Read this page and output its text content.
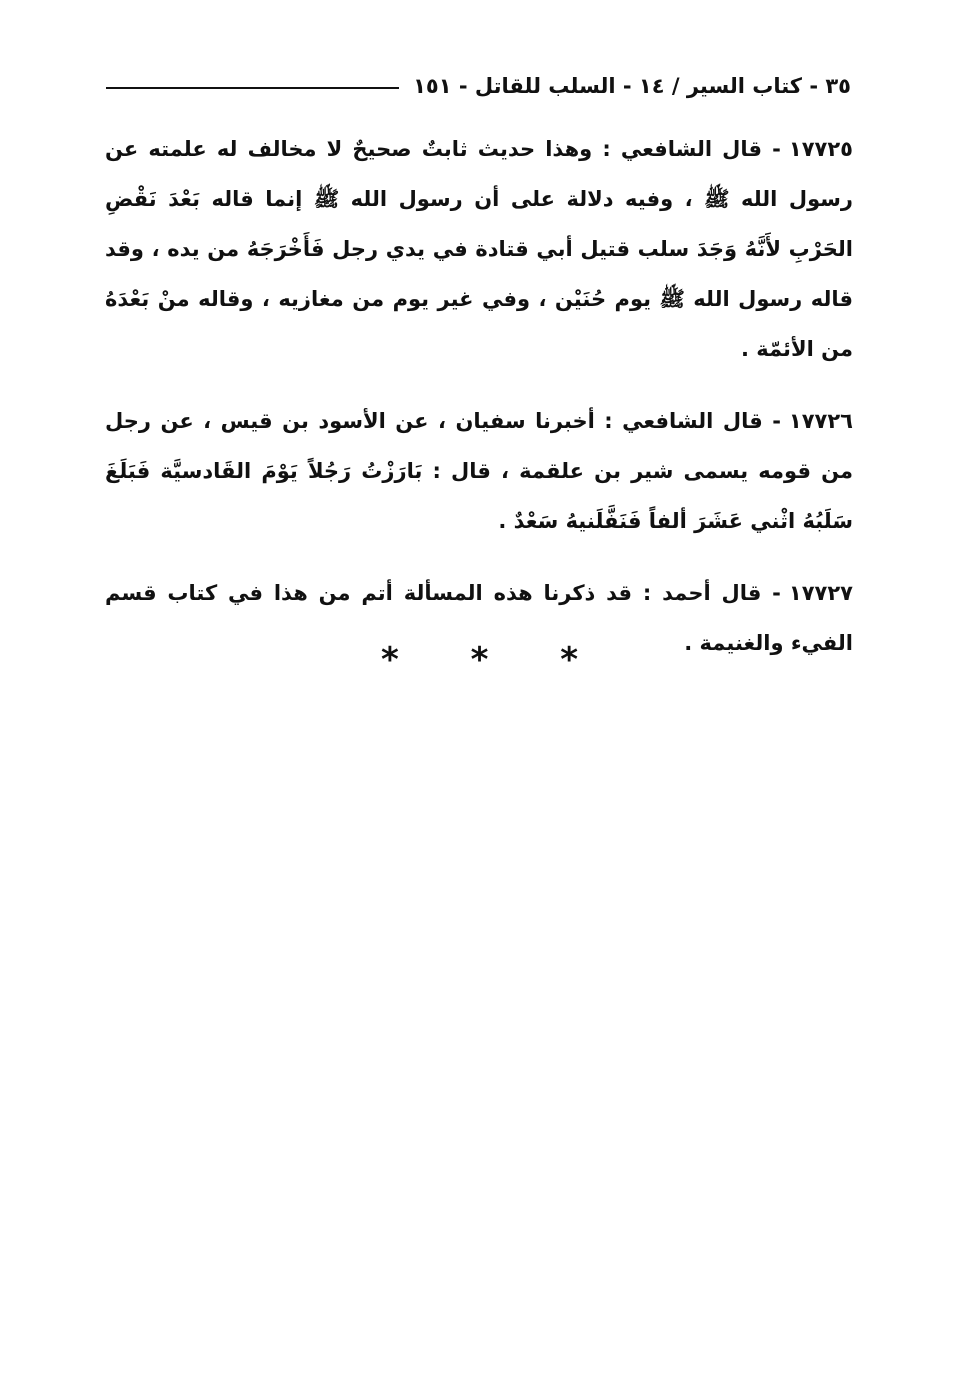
٣٥ - كتاب السير / ١٤ - السلب للقاتل - ١٥١

١٧٧٢٥- قال الشافعي : وهذا حديث ثابتٌ صحيحٌ لا مخالف له علمته عن رسول الله ﷺ ، وفيه دلالة على أن رسول الله ﷺ إنما قاله بَعْدَ نَقْضِ الحَرْبِ لأَنَّهُ وَجَدَ سلب قتيل أبي قتادة في يدي رجل فَأَخْرَجَهُ من يده ، وقد قاله رسول الله ﷺ يوم حُنَيْن ، وفي غير يوم من مغازيه ، وقاله منْ بَعْدَهُ من الأئمّة .

١٧٧٢٦- قال الشافعي : أخبرنا سفيان ، عن الأسود بن قيس ، عن رجل من قومه يسمى شير بن علقمة ، قال : بَارَزْتُ رَجُلاً يَوْمَ القَادسيَّة فَبَلَغَ سَلَبُهُ اثْني عَشَرَ ألفاً فَنَفَّلَنيهُ سَعْدٌ .

١٧٧٢٧- قال أحمد : قد ذكرنا هذه المسألة أتم من هذا في كتاب قسم الفيء والغنيمة .

* * *
